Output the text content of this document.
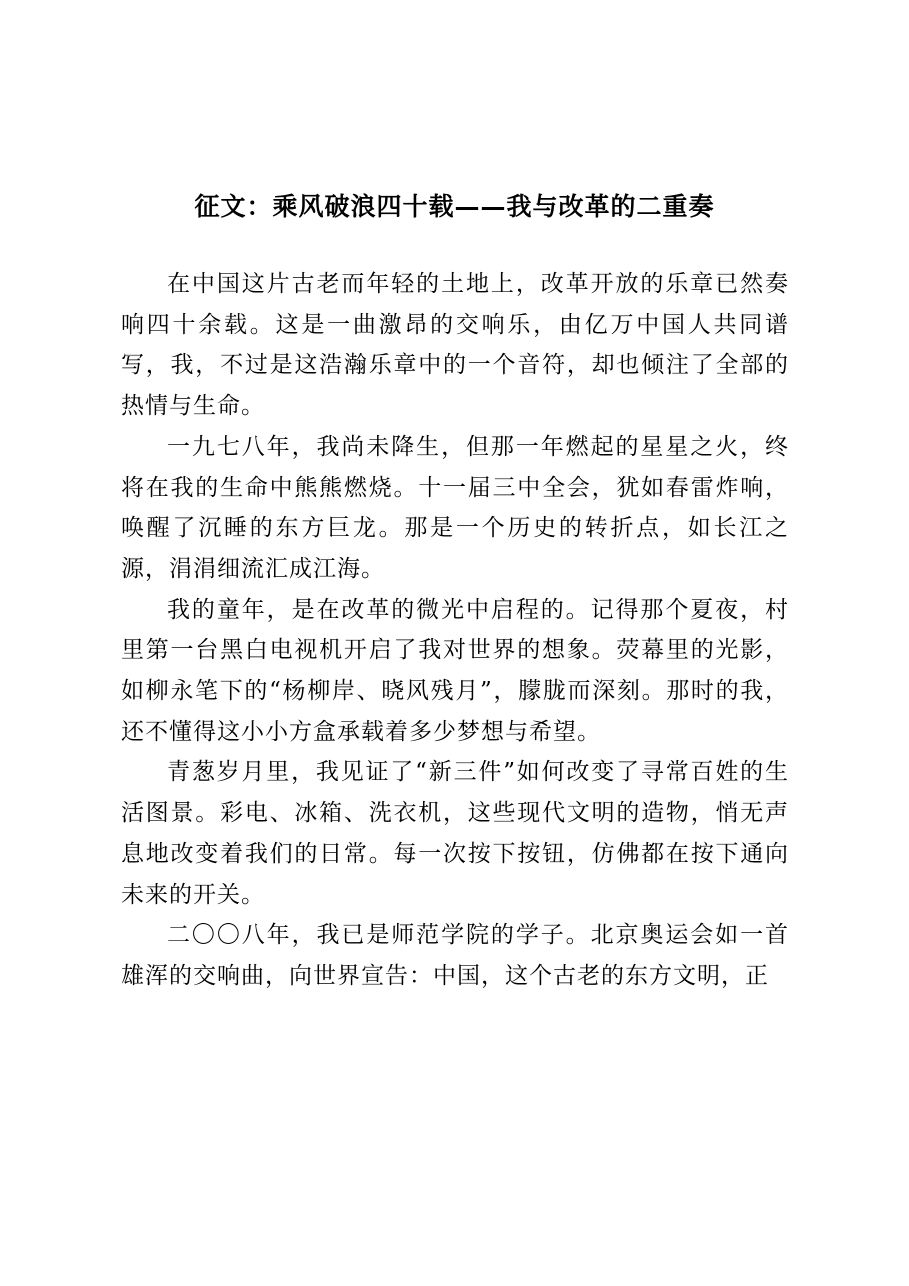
征文：乘风破浪四十载——我与改革的二重奏

在中国这片古老而年轻的土地上，改革开放的乐章已然奏响四十余载。这是一曲激昂的交响乐，由亿万中国人共同谱写，我，不过是这浩瀚乐章中的一个音符，却也倾注了全部的热情与生命。

一九七八年，我尚未降生，但那一年燃起的星星之火，终将在我的生命中熊熊燃烧。十一届三中全会，犹如春雷炸响，唤醒了沉睡的东方巨龙。那是一个历史的转折点，如长江之源，涓涓细流汇成江海。

我的童年，是在改革的微光中启程的。记得那个夏夜，村里第一台黑白电视机开启了我对世界的想象。荧幕里的光影，如柳永笔下的“杨柳岸、晓风残月”，朦胧而深刻。那时的我，还不懂得这小小方盒承载着多少梦想与希望。

青葱岁月里，我见证了“新三件”如何改变了寻常百姓的生活图景。彩电、冰箱、洗衣机，这些现代文明的造物，悄无声息地改变着我们的日常。每一次按下按钮，仿佛都在按下通向未来的开关。

二〇〇八年，我已是师范学院的学子。北京奥运会如一首雄浑的交响曲，向世界宣告：中国，这个古老的东方文明，正
